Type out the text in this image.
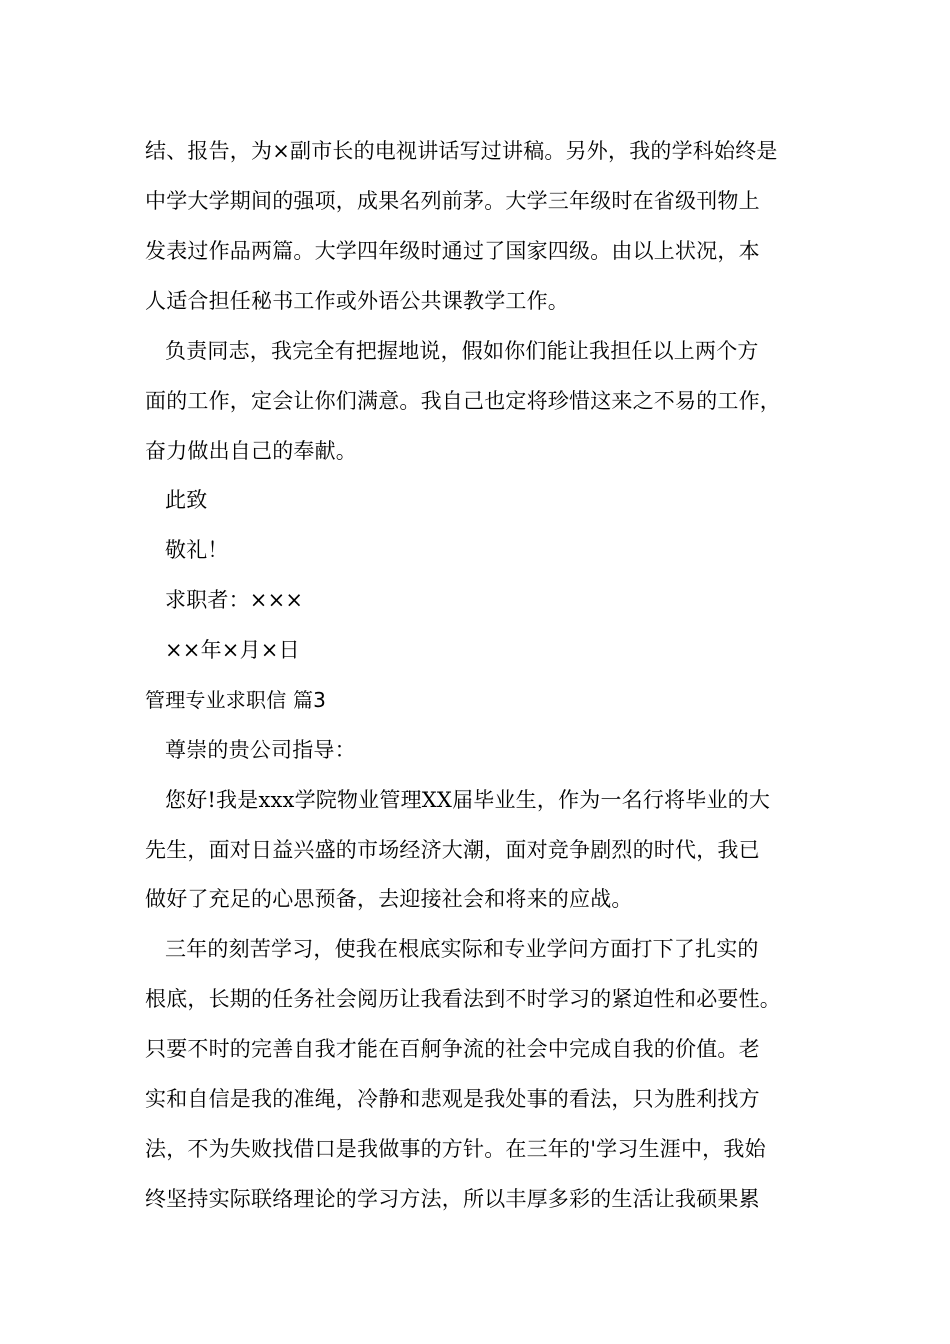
结、报告，为×副市长的电视讲话写过讲稿。另外，我的学科始终是
中学大学期间的强项，成果名列前茅。大学三年级时在省级刊物上
发表过作品两篇。大学四年级时通过了国家四级。由以上状况，本
人适合担任秘书工作或外语公共课教学工作。
负责同志，我完全有把握地说，假如你们能让我担任以上两个方
面的工作，定会让你们满意。我自己也定将珍惜这来之不易的工作，
奋力做出自己的奉献。
此致
敬礼！
求职者：×××
××年×月×日
管理专业求职信 篇3
尊崇的贵公司指导：
您好!我是xxx学院物业管理XX届毕业生，作为一名行将毕业的大
先生，面对日益兴盛的市场经济大潮，面对竞争剧烈的时代，我已
做好了充足的心思预备，去迎接社会和将来的应战。
三年的刻苦学习，使我在根底实际和专业学问方面打下了扎实的
根底，长期的任务社会阅历让我看法到不时学习的紧迫性和必要性。
只要不时的完善自我才能在百舸争流的社会中完成自我的价值。老
实和自信是我的准绳，冷静和悲观是我处事的看法，只为胜利找方
法，不为失败找借口是我做事的方针。在三年的'学习生涯中，我始
终坚持实际联络理论的学习方法，所以丰厚多彩的生活让我硕果累
